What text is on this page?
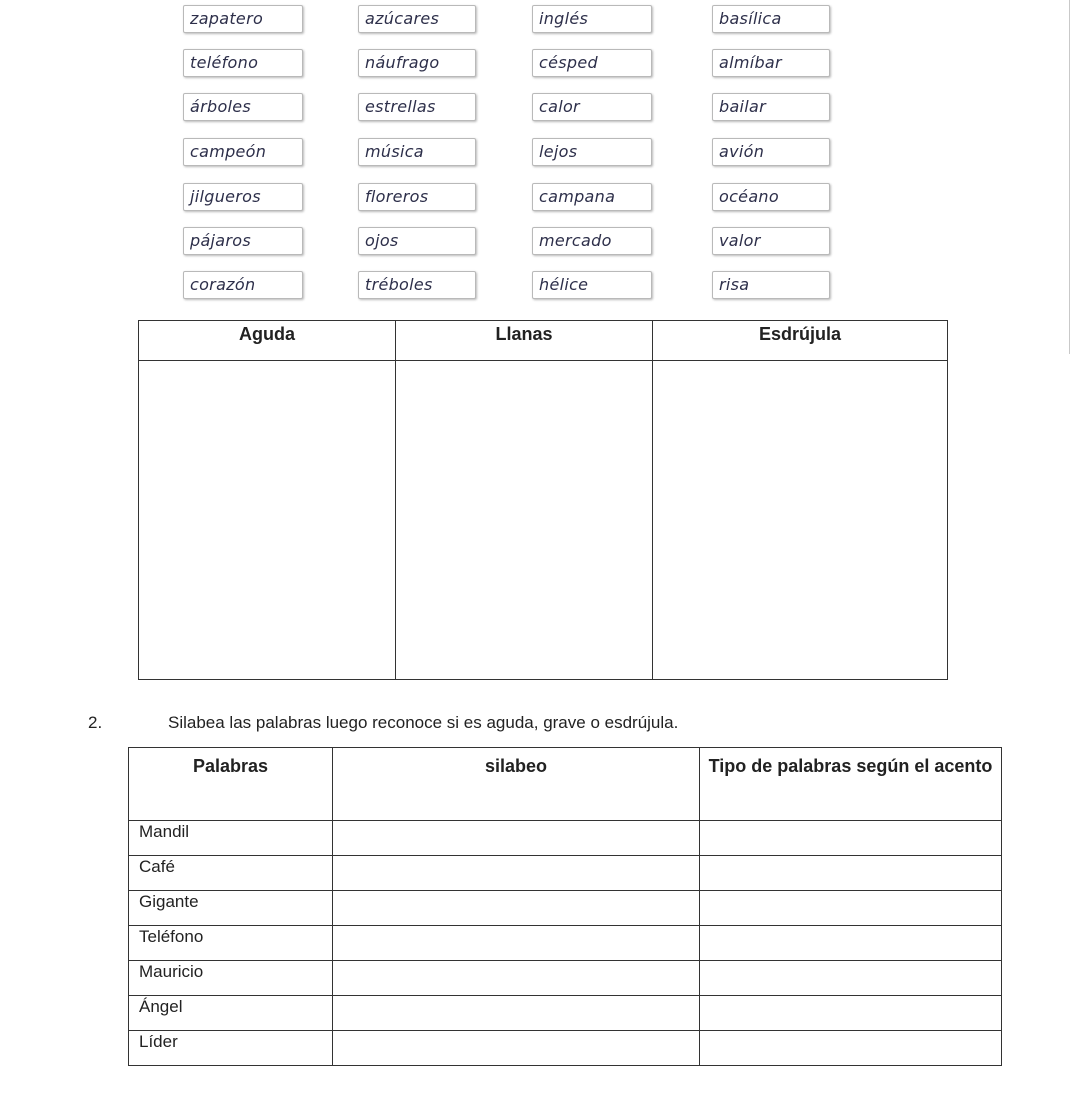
zapatero	azúcares	inglés	basílica
teléfono	náufrago	césped	almíbar
árboles	estrellas	calor	bailar
campeón	música	lejos	avión
jilgueros	floreros	campana	océano
pájaros	ojos	mercado	valor
corazón	tréboles	hélice	risa
Aguda	Llanas	Esdrújula

2.	Silabea las palabras luego reconoce si es aguda, grave o esdrújula.
Palabras	silabeo	Tipo de palabras según el acento
Mandil		
Café		
Gigante		
Teléfono		
Mauricio		
Ángel		
Líder		
